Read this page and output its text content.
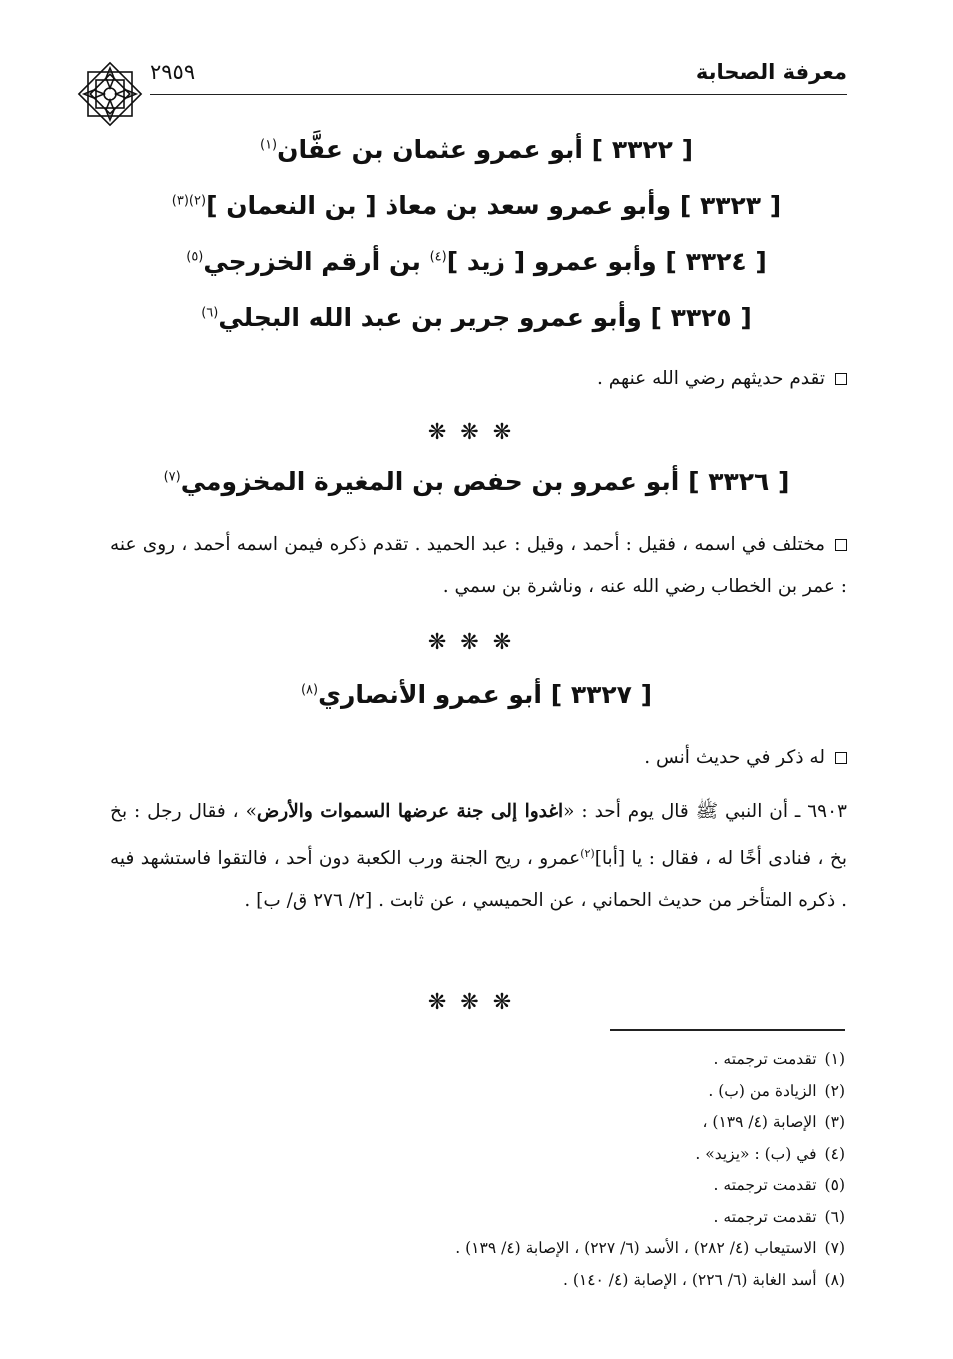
معرفة الصحابة
٢٩٥٩
[ ٣٣٢٢ ] أبو عمرو عثمان بن عفَّان$^{(١)}$
[ ٣٣٢٣ ] وأبو عمرو سعد بن معاذ [ بن النعمان ]$^{(٢)(٣)}$
[ ٣٣٢٤ ] وأبو عمرو [ زيد ]$^{(٤)}$ بن أرقم الخزرجي$^{(٥)}$
[ ٣٣٢٥ ] وأبو عمرو جرير بن عبد الله البجلي$^{(٦)}$
تقدم حديثهم رضي الله عنهم .
❋❋❋
[ ٣٣٢٦ ] أبو عمرو بن حفص بن المغيرة المخزومي$^{(٧)}$
مختلف في اسمه ، فقيل : أحمد ، وقيل : عبد الحميد . تقدم ذكره فيمن اسمه أحمد ، روى عنه : عمر بن الخطاب رضي الله عنه ، وناشرة بن سمي .
❋❋❋
[ ٣٣٢٧ ] أبو عمرو الأنصاري$^{(٨)}$
له ذكر في حديث أنس .
٦٩٠٣ ـ أن النبي ﷺ قال يوم أحد : «اغدوا إلى جنة عرضها السموات والأرض» ، فقال رجل : بخ بخ ، فنادى أخًا له ، فقال : يا [أبا]$^{(٢)}$عمرو ، ريح الجنة ورب الكعبة دون أحد ، فالتقوا فاستشهد فيه . ذكره المتأخر من حديث الحماني ، عن الحميسي ، عن ثابت . [٢/ ٢٧٦ ق/ ب] .
❋❋❋
(١)تقدمت ترجمته .
(٢)الزيادة من (ب) .
(٣)الإصابة (٤/ ١٣٩) ،
(٤)في (ب) : «يزيد» .
(٥)تقدمت ترجمته .
(٦)تقدمت ترجمته .
(٧)الاستيعاب (٤/ ٢٨٢) ، الأسد (٦/ ٢٢٧) ، الإصابة (٤/ ١٣٩) .
(٨)أسد الغابة (٦/ ٢٢٦) ، الإصابة (٤/ ١٤٠) .
